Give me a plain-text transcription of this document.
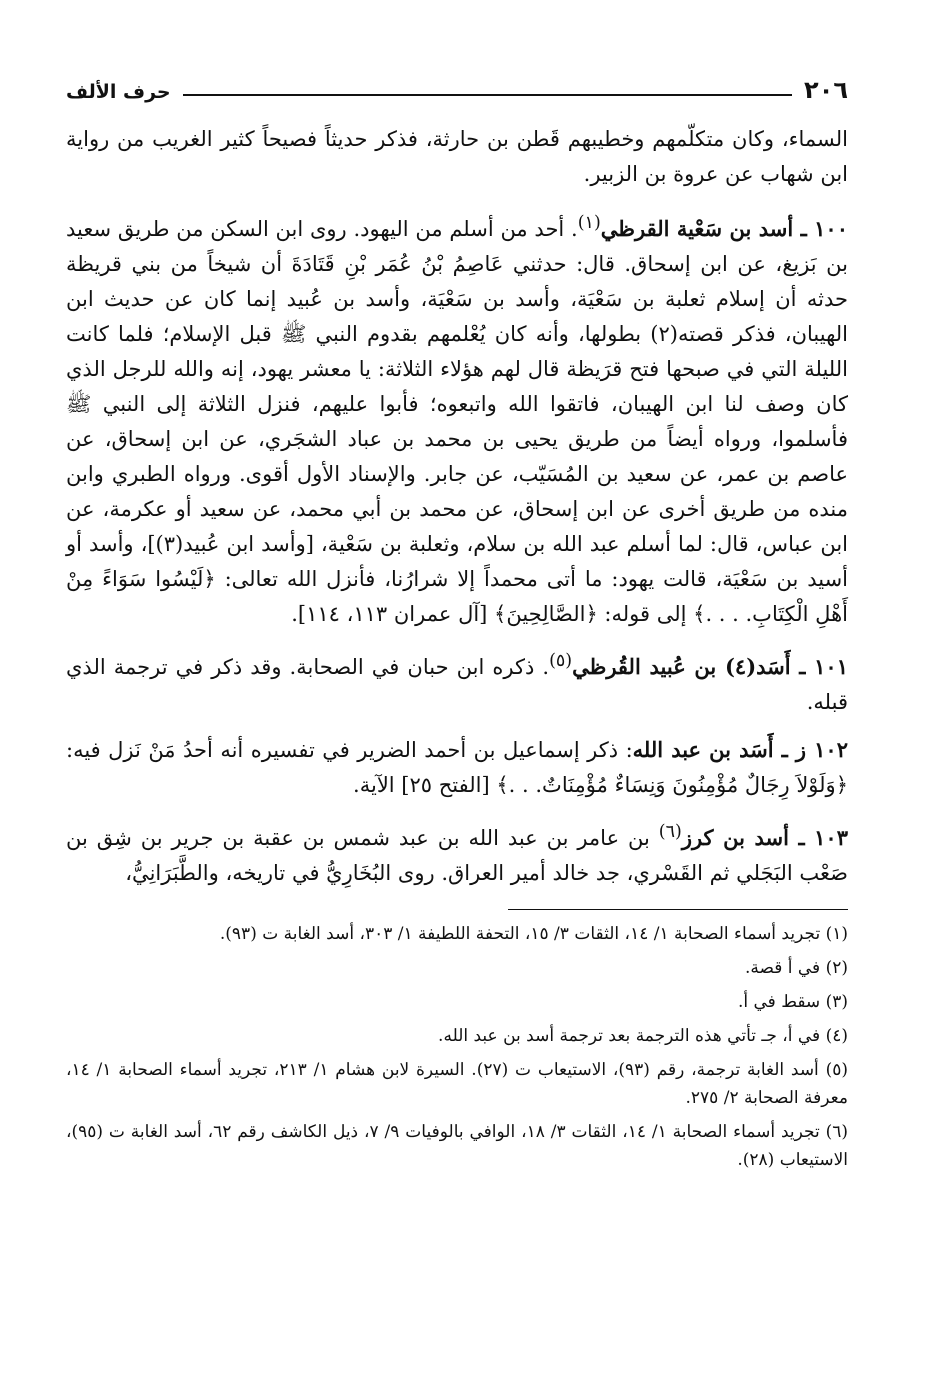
٢٠٦
حرف الألف

السماء، وكان متكلّمهم وخطيبهم قَطن بن حارثة، فذكر حديثاً فصيحاً كثير الغريب من رواية ابن شهاب عن عروة بن الزبير.

١٠٠ ـ أسد بن سَعْية القرظي$^{(١)}$. أحد من أسلم من اليهود. روى ابن السكن من طريق سعيد بن بَزيغ، عن ابن إسحاق. قال: حدثني عَاصِمُ بْنُ عُمَر بْنِ قَتَادَةَ أن شيخاً من بني قريظة حدثه أن إسلام ثعلبة بن سَعْيَة، وأسد بن سَعْيَة، وأسد بن عُبيد إنما كان عن حديث ابن الهيبان، فذكر قصته(٢) بطولها، وأنه كان يُعْلمهم بقدوم النبي ﷺ قبل الإسلام؛ فلما كانت الليلة التي في صبحها فتح قرَيظة قال لهم هؤلاء الثلاثة: يا معشر يهود، إنه والله للرجل الذي كان وصف لنا ابن الهيبان، فاتقوا الله واتبعوه؛ فأبوا عليهم، فنزل الثلاثة إلى النبي ﷺ فأسلموا، ورواه أيضاً من طريق يحيى بن محمد بن عباد الشجَري، عن ابن إسحاق، عن عاصم بن عمر، عن سعيد بن المُسَيّب، عن جابر. والإسناد الأول أقوى. ورواه الطبري وابن منده من طريق أخرى عن ابن إسحاق، عن محمد بن أبي محمد، عن سعيد أو عكرمة، عن ابن عباس، قال: لما أسلم عبد الله بن سلام، وثعلبة بن سَعْية، [وأسد ابن عُبيد(٣)]، وأسد أو أسيد بن سَعْيَة، قالت يهود: ما أتى محمداً إلا شرارُنا، فأنزل الله تعالى: ﴿لَيْسُوا سَوَاءً مِنْ أَهْلِ الْكِتَابِ. . . .﴾ إلى قوله: ﴿الصَّالِحِينَ﴾ [آل عمران ١١٣، ١١٤].

١٠١ ـ أَسَد(٤) بن عُبيد القُرظي$^{(٥)}$. ذكره ابن حبان في الصحابة. وقد ذكر في ترجمة الذي قبله.

١٠٢ ز ـ أَسَد بن عبد الله: ذكر إسماعيل بن أحمد الضرير في تفسيره أنه أحدُ مَنْ نَزل فيه: ﴿وَلَوْلاَ رِجَالٌ مُؤْمِنُونَ وَنِسَاءٌ مُؤْمِنَاتٌ. . .﴾ [الفتح ٢٥] الآية.

١٠٣ ـ أسد بن كرز$^{(٦)}$ بن عامر بن عبد الله بن عبد شمس بن عقبة بن جرير بن شِق بن صَعْب البَجَلي ثم القَسْري، جد خالد أمير العراق. روى البُخَارِيُّ في تاريخه، والطَّبَرَانِيُّ،

(١) تجريد أسماء الصحابة ١/ ١٤، الثقات ٣/ ١٥، التحفة اللطيفة ١/ ٣٠٣، أسد الغابة ت (٩٣).
(٢) في أ قصة.
(٣) سقط في أ.
(٤) في أ، جـ تأتي هذه الترجمة بعد ترجمة أسد بن عبد الله.
(٥) أسد الغابة ترجمة، رقم (٩٣)، الاستيعاب ت (٢٧). السيرة لابن هشام ١/ ٢١٣، تجريد أسماء الصحابة ١/ ١٤، معرفة الصحابة ٢/ ٢٧٥.
(٦) تجريد أسماء الصحابة ١/ ١٤، الثقات ٣/ ١٨، الوافي بالوفيات ٩/ ٧، ذيل الكاشف رقم ٦٢، أسد الغابة ت (٩٥)، الاستيعاب (٢٨).
